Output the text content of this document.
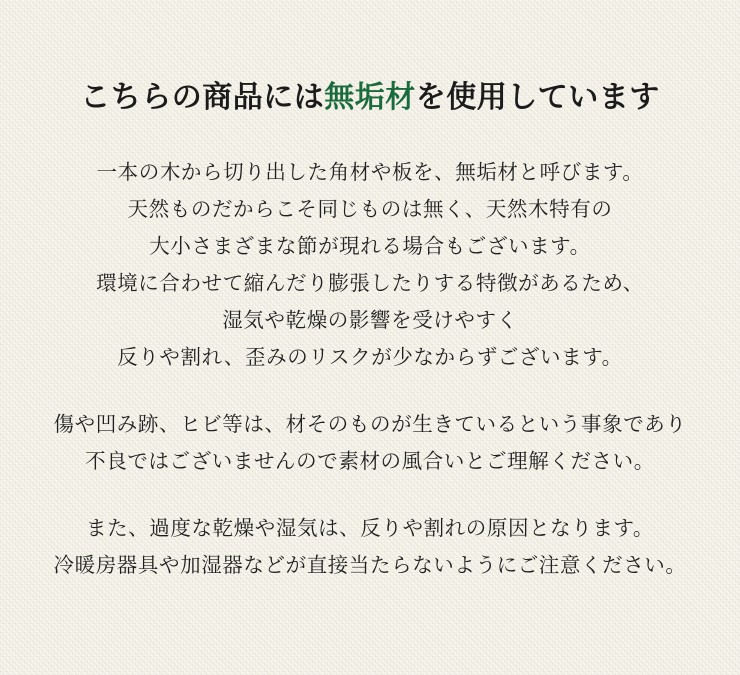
こちらの商品には無垢材を使用しています
一本の木から切り出した角材や板を、無垢材と呼びます。
天然ものだからこそ同じものは無く、天然木特有の
大小さまざまな節が現れる場合もございます。
環境に合わせて縮んだり膨張したりする特徴があるため、
湿気や乾燥の影響を受けやすく
反りや割れ、歪みのリスクが少なからずございます。
傷や凹み跡、ヒビ等は、材そのものが生きているという事象であり
不良ではございませんので素材の風合いとご理解ください。
また、過度な乾燥や湿気は、反りや割れの原因となります。
冷暖房器具や加湿器などが直接当たらないようにご注意ください。
